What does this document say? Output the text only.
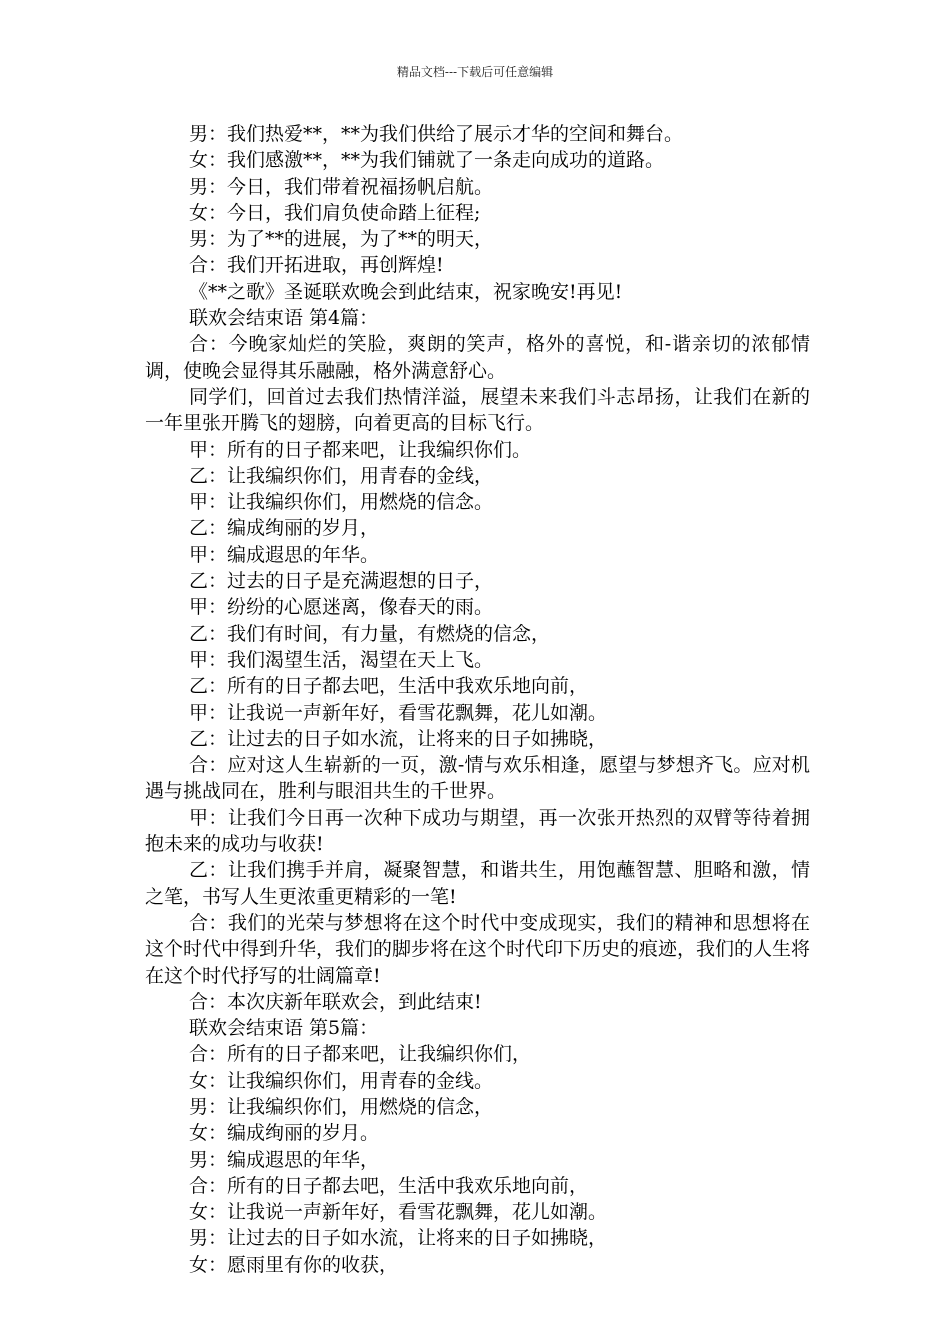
精品文档---下载后可任意编辑

男：我们热爱**，**为我们供给了展示才华的空间和舞台。

女：我们感激**，**为我们铺就了一条走向成功的道路。

男：今日，我们带着祝福扬帆启航。

女：今日，我们肩负使命踏上征程;

男：为了**的进展，为了**的明天，

合：我们开拓进取，再创辉煌!

《**之歌》圣诞联欢晚会到此结束，祝家晚安!再见!

联欢会结束语 第4篇：

合：今晚家灿烂的笑脸，爽朗的笑声，格外的喜悦，和-谐亲切的浓郁情调，使晚会显得其乐融融，格外满意舒心。

同学们，回首过去我们热情洋溢，展望未来我们斗志昂扬，让我们在新的一年里张开腾飞的翅膀，向着更高的目标飞行。

甲：所有的日子都来吧，让我编织你们。

乙：让我编织你们，用青春的金线，

甲：让我编织你们，用燃烧的信念。

乙：编成绚丽的岁月，

甲：编成遐思的年华。

乙：过去的日子是充满遐想的日子，

甲：纷纷的心愿迷离，像春天的雨。

乙：我们有时间，有力量，有燃烧的信念，

甲：我们渴望生活，渴望在天上飞。

乙：所有的日子都去吧，生活中我欢乐地向前，

甲：让我说一声新年好，看雪花飘舞，花儿如潮。

乙：让过去的日子如水流，让将来的日子如拂晓，

合：应对这人生崭新的一页，激-情与欢乐相逢，愿望与梦想齐飞。应对机遇与挑战同在，胜利与眼泪共生的千世界。

甲：让我们今日再一次种下成功与期望，再一次张开热烈的双臂等待着拥抱未来的成功与收获!

乙：让我们携手并肩，凝聚智慧，和谐共生，用饱蘸智慧、胆略和激，情之笔，书写人生更浓重更精彩的一笔!

合：我们的光荣与梦想将在这个时代中变成现实，我们的精神和思想将在这个时代中得到升华，我们的脚步将在这个时代印下历史的痕迹，我们的人生将在这个时代抒写的壮阔篇章!

合：本次庆新年联欢会，到此结束!

联欢会结束语 第5篇：

合：所有的日子都来吧，让我编织你们，

女：让我编织你们，用青春的金线。

男：让我编织你们，用燃烧的信念，

女：编成绚丽的岁月。

男：编成遐思的年华，

合：所有的日子都去吧，生活中我欢乐地向前，

女：让我说一声新年好，看雪花飘舞，花儿如潮。

男：让过去的日子如水流，让将来的日子如拂晓，

女：愿雨里有你的收获，
